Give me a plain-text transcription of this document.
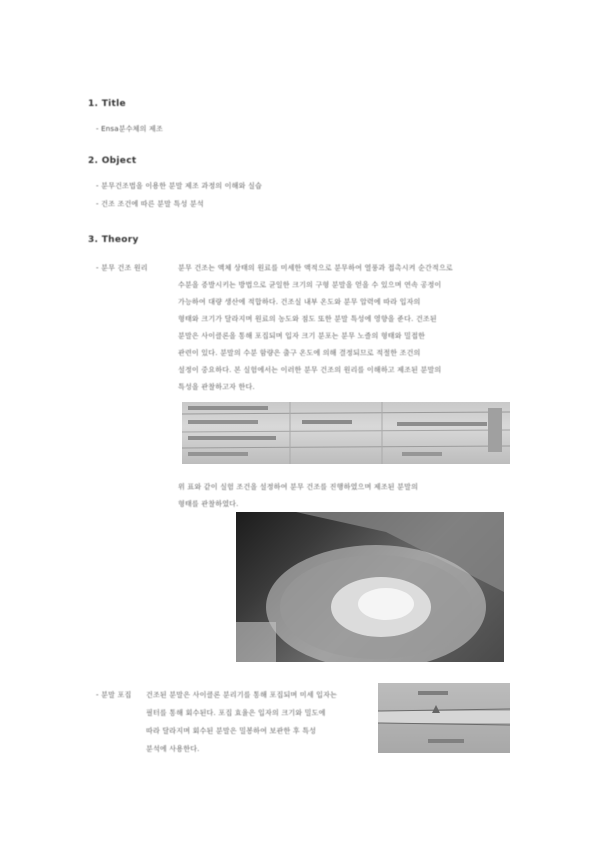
1. Title
- Ensa분수체의 제조
2. Object
- 분무건조법을 이용한 분말 제조 과정의 이해와 실습
- 건조 조건에 따른 분말 특성 분석
3. Theory
- 분무 건조 원리	분무 건조는 액체 상태의 원료를 미세한 액적으로 분무하여 열풍과 접촉시켜 순간적으로
수분을 증발시키는 방법으로 균일한 크기의 구형 분말을 얻을 수 있으며 연속 공정이
가능하여 대량 생산에 적합하다. 건조실 내부 온도와 분무 압력에 따라 입자의
형태와 크기가 달라지며 원료의 농도와 점도 또한 분말 특성에 영향을 준다. 건조된
분말은 사이클론을 통해 포집되며 입자 크기 분포는 분무 노즐의 형태와 밀접한
관련이 있다. 분말의 수분 함량은 출구 온도에 의해 결정되므로 적절한 조건의
설정이 중요하다. 본 실험에서는 이러한 분무 건조의 원리를 이해하고 제조된 분말의
특성을 관찰하고자 한다.
위 표와 같이 실험 조건을 설정하여 분무 건조를 진행하였으며 제조된 분말의
형태를 관찰하였다.
- 분말 포집 건조된 분말은 사이클론 분리기를 통해 포집되며 미세 입자는
필터를 통해 회수된다. 포집 효율은 입자의 크기와 밀도에
따라 달라지며 회수된 분말은 밀봉하여 보관한 후 특성
분석에 사용한다.
